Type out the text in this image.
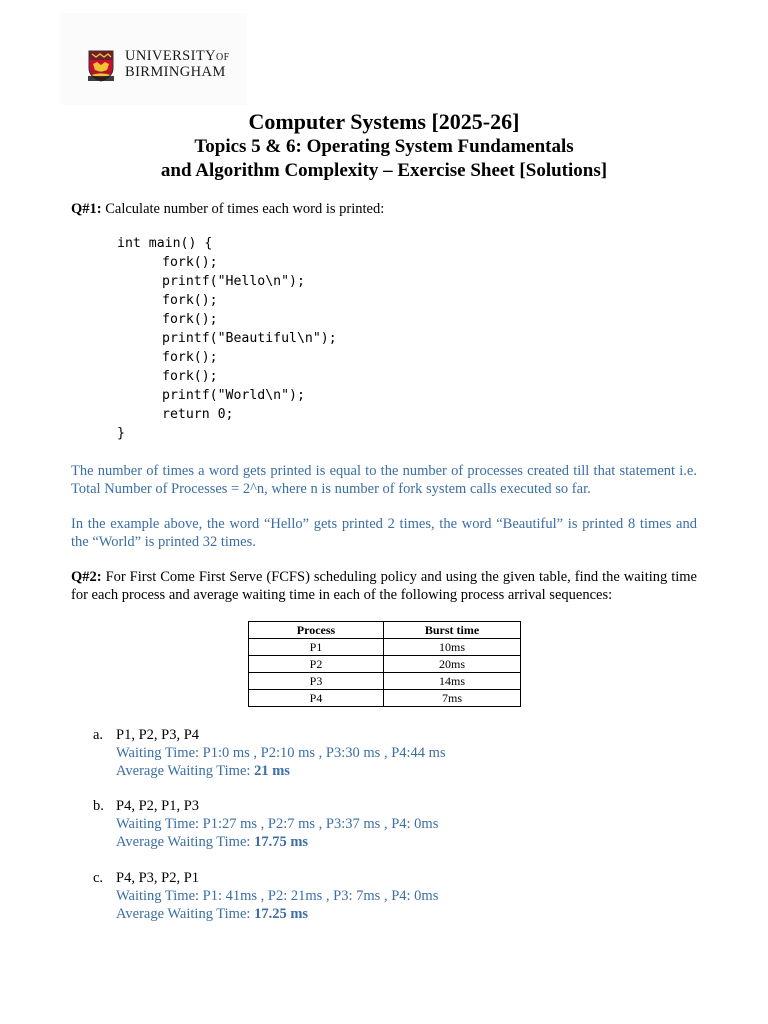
UNIVERSITYOF
BIRMINGHAM
Computer Systems [2025-26]
Topics 5 & 6: Operating System Fundamentals
and Algorithm Complexity – Exercise Sheet [Solutions]
Q#1: Calculate number of times each word is printed:
int main() {
fork();
printf("Hello\n");
fork();
fork();
printf("Beautiful\n");
fork();
fork();
printf("World\n");
return 0;
}
The number of times a word gets printed is equal to the number of processes created till that statement i.e. Total Number of Processes = 2^n, where n is number of fork system calls executed so far.
In the example above, the word “Hello” gets printed 2 times, the word “Beautiful” is printed 8 times and the “World” is printed 32 times.
Q#2: For First Come First Serve (FCFS) scheduling policy and using the given table, find the waiting time for each process and average waiting time in each of the following process arrival sequences:
Process	Burst time
P1	10ms
P2	20ms
P3	14ms
P4	7ms
a. P1, P2, P3, P4
Waiting Time: P1:0 ms , P2:10 ms , P3:30 ms , P4:44 ms
Average Waiting Time: 21 ms
b. P4, P2, P1, P3
Waiting Time: P1:27 ms , P2:7 ms , P3:37 ms , P4: 0ms
Average Waiting Time: 17.75 ms
c. P4, P3, P2, P1
Waiting Time: P1: 41ms , P2: 21ms , P3: 7ms , P4: 0ms
Average Waiting Time: 17.25 ms
